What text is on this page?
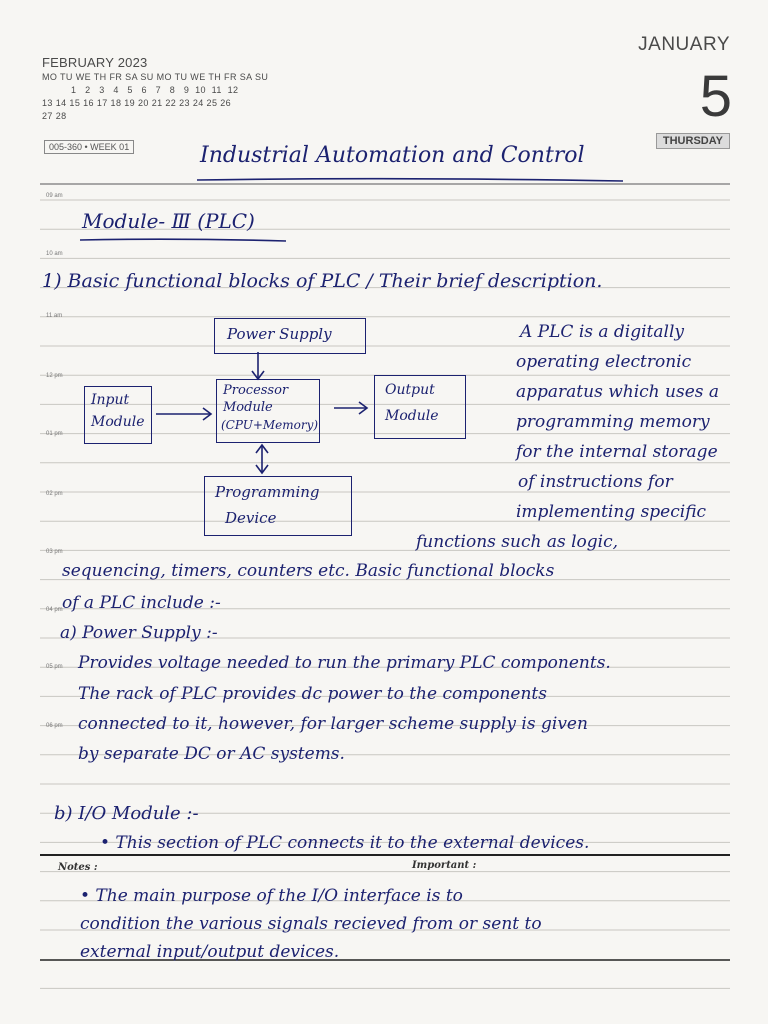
FEBRUARY 2023
MO TU WE TH FR SA SU MO TU WE TH FR SA SU
1   2   3   4   5   6   7   8   9  10  11  12
13 14 15 16 17 18 19 20 21 22 23 24 25 26
27 28
JANUARY
5
THURSDAY
005-360 • WEEK 01
09 am
10 am
11 am
12 pm
01 pm
02 pm
03 pm
04 pm
05 pm
06 pm
Industrial Automation and Control
Module- Ⅲ (PLC)
1) Basic functional blocks of PLC / Their brief description.
Power Supply
Input
Module
Processor
Module
(CPU+Memory)
Output
Module
Programming
Device
A PLC is a digitally
operating electronic
apparatus which uses a
programming memory
for the internal storage
of instructions for
implementing specific
functions such as logic,
sequencing, timers, counters etc. Basic functional blocks
of a PLC include :-
a) Power Supply :-
Provides voltage needed to run the primary PLC components.
The rack of PLC provides dc power to the components
connected to it, however, for larger scheme supply is given
by separate DC or AC systems.
b) I/O Module :-
• This section of PLC connects it to the external devices.
Notes :	Important :
• The main purpose of the I/O interface is to
condition the various signals recieved from or sent to
external input/output devices.
